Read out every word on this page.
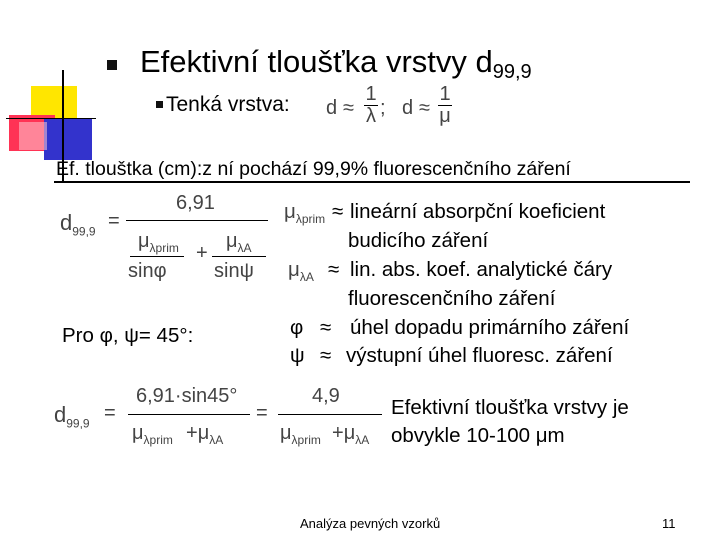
Efektivní tloušťka vrstvy $d_{99,9}$
Tenká vrstva: d ≈
1
λ ; d ≈
1
μ
Ef. tlouštka (cm):z ní pochází 99,9% fluorescenčního záření
$d_{99,9}$ =
6,91
$\mu_{\lambda prim}$ $\mu_{\lambda A}$
+
sinφ sinψ
$\mu_{\lambda prim}$ ≈ lineární absorpční koeficient
budicího záření
$\mu_{\lambda A}$ ≈ lin. abs. koef. analytické čáry
fluorescenčního záření
φ ≈ úhel dopadu primárního záření
ψ ≈ výstupní úhel fluoresc. záření
Pro φ, ψ= 45°:
$d_{99,9}$ =
6,91·sin45°
$\mu_{\lambda prim} +\mu_{\lambda A}$
=
4,9
$\mu_{\lambda prim} +\mu_{\lambda A}$
Efektivní tloušťka vrstvy je
obvykle 10-100 μm
Analýza pevných vzorků	11
